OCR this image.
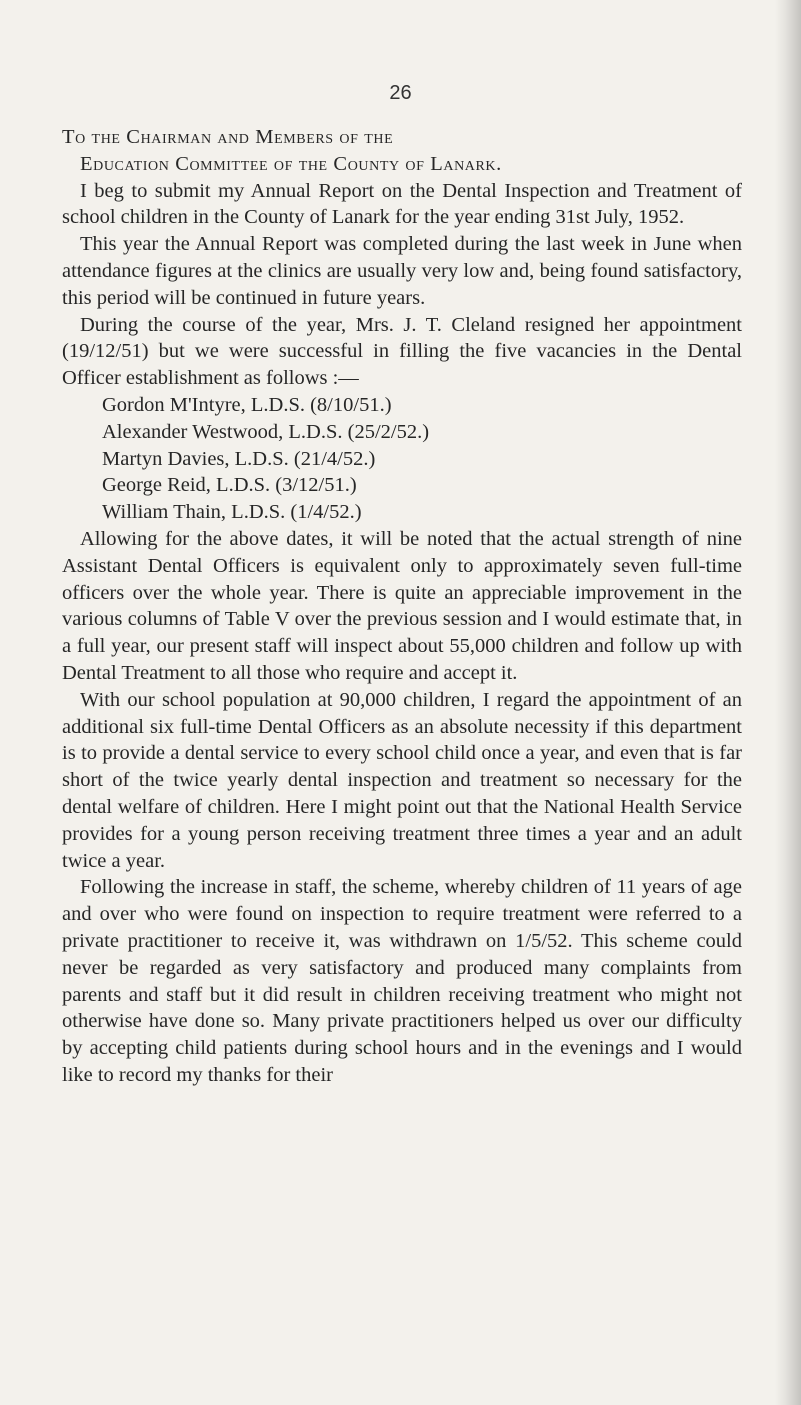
26

To the Chairman and Members of the
Education Committee of the County of Lanark.

I beg to submit my Annual Report on the Dental Inspection and Treatment of school children in the County of Lanark for the year ending 31st July, 1952.

This year the Annual Report was completed during the last week in June when attendance figures at the clinics are usually very low and, being found satisfactory, this period will be continued in future years.

During the course of the year, Mrs. J. T. Cleland resigned her appointment (19/12/51) but we were successful in filling the five vacancies in the Dental Officer establishment as follows :—

Gordon M'Intyre, L.D.S. (8/10/51.)
Alexander Westwood, L.D.S. (25/2/52.)
Martyn Davies, L.D.S. (21/4/52.)
George Reid, L.D.S. (3/12/51.)
William Thain, L.D.S. (1/4/52.)

Allowing for the above dates, it will be noted that the actual strength of nine Assistant Dental Officers is equivalent only to approximately seven full-time officers over the whole year. There is quite an appreciable improvement in the various columns of Table V over the previous session and I would estimate that, in a full year, our present staff will inspect about 55,000 children and follow up with Dental Treatment to all those who require and accept it.

With our school population at 90,000 children, I regard the appointment of an additional six full-time Dental Officers as an absolute necessity if this department is to provide a dental service to every school child once a year, and even that is far short of the twice yearly dental inspection and treatment so necessary for the dental welfare of children. Here I might point out that the National Health Service provides for a young person receiving treatment three times a year and an adult twice a year.

Following the increase in staff, the scheme, whereby children of 11 years of age and over who were found on inspection to require treatment were referred to a private practitioner to receive it, was withdrawn on 1/5/52. This scheme could never be regarded as very satisfactory and produced many complaints from parents and staff but it did result in children receiving treatment who might not otherwise have done so. Many private practitioners helped us over our difficulty by accepting child patients during school hours and in the evenings and I would like to record my thanks for their
